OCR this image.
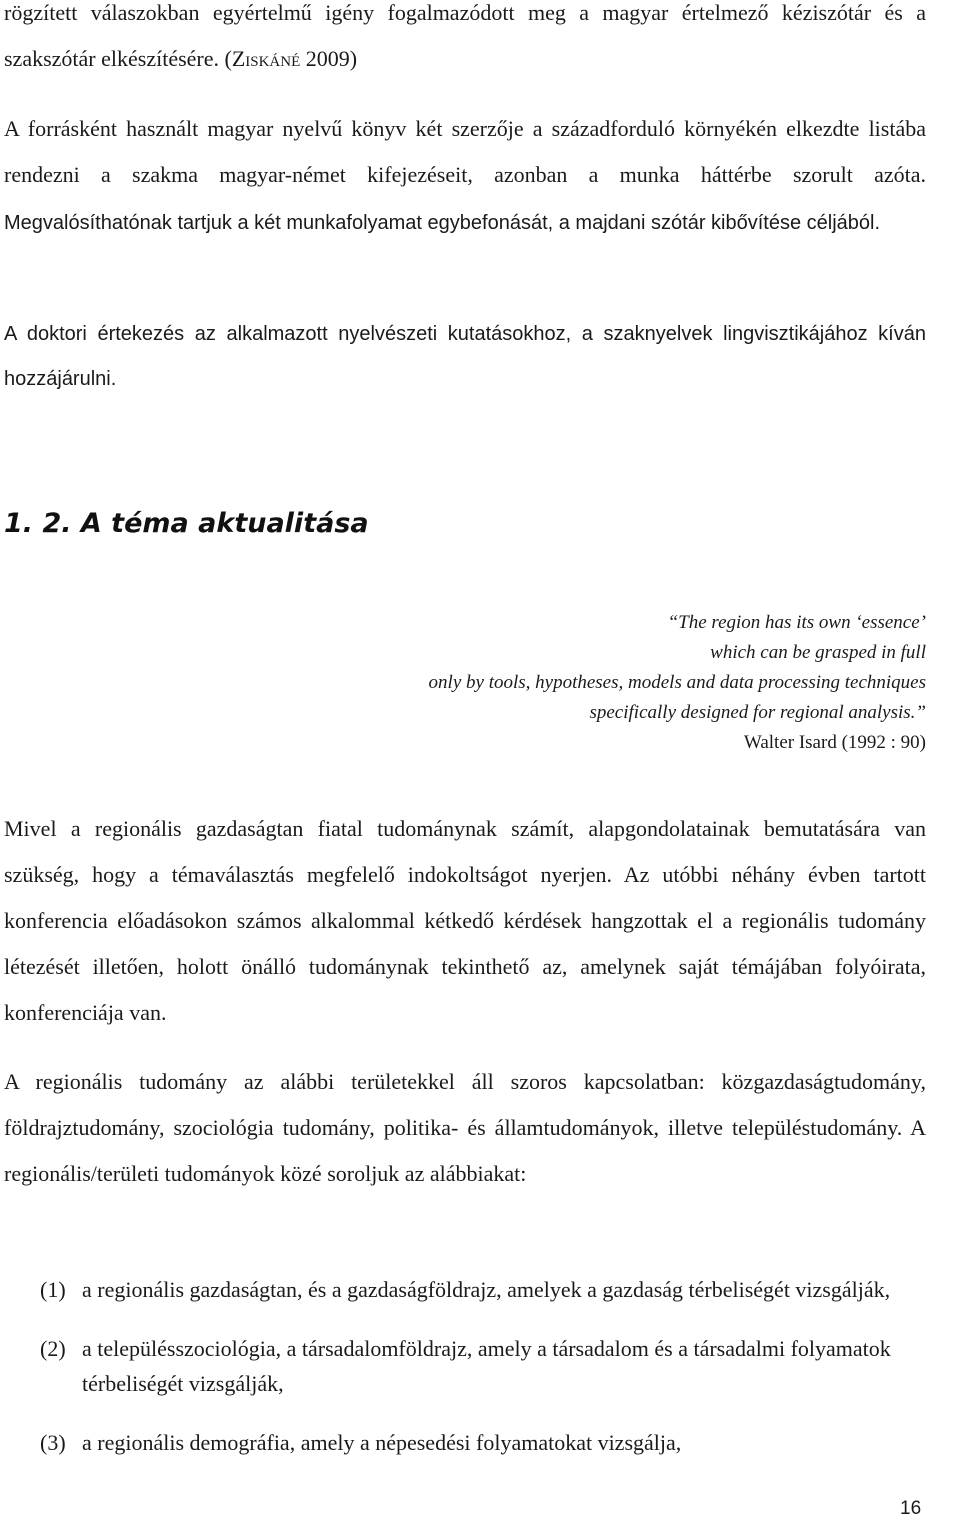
rögzített válaszokban egyértelmű igény fogalmazódott meg a magyar értelmező kéziszótár és a szakszótár elkészítésére. (Ziskáné 2009)

A forrásként használt magyar nyelvű könyv két szerzője a századforduló környékén elkezdte listába rendezni a szakma magyar-német kifejezéseit, azonban a munka háttérbe szorult azóta. Megvalósíthatónak tartjuk a két munkafolyamat egybefonását, a majdani szótár kibővítése céljából.

A doktori értekezés az alkalmazott nyelvészeti kutatásokhoz, a szaknyelvek lingvisztikájához kíván hozzájárulni.

1. 2. A téma aktualitása
“The region has its own ‘essence’
which can be grasped in full
only by tools, hypotheses, models and data processing techniques
specifically designed for regional analysis.”
Walter Isard (1992 : 90)

Mivel a regionális gazdaságtan fiatal tudománynak számít, alapgondolatainak bemutatására van szükség, hogy a témaválasztás megfelelő indokoltságot nyerjen. Az utóbbi néhány évben tartott konferencia előadásokon számos alkalommal kétkedő kérdések hangzottak el a regionális tudomány létezését illetően, holott önálló tudománynak tekinthető az, amelynek saját témájában folyóirata, konferenciája van.

A regionális tudomány az alábbi területekkel áll szoros kapcsolatban: közgazdaságtudomány, földrajztudomány, szociológia tudomány, politika- és államtudományok, illetve településtudomány. A regionális/területi tudományok közé soroljuk az alábbiakat:

(1) a regionális gazdaságtan, és a gazdaságföldrajz, amelyek a gazdaság térbeliségét vizsgálják,
(2) a településszociológia, a társadalomföldrajz, amely a társadalom és a társadalmi folyamatok térbeliségét vizsgálják,
(3) a regionális demográfia, amely a népesedési folyamatokat vizsgálja,
16
